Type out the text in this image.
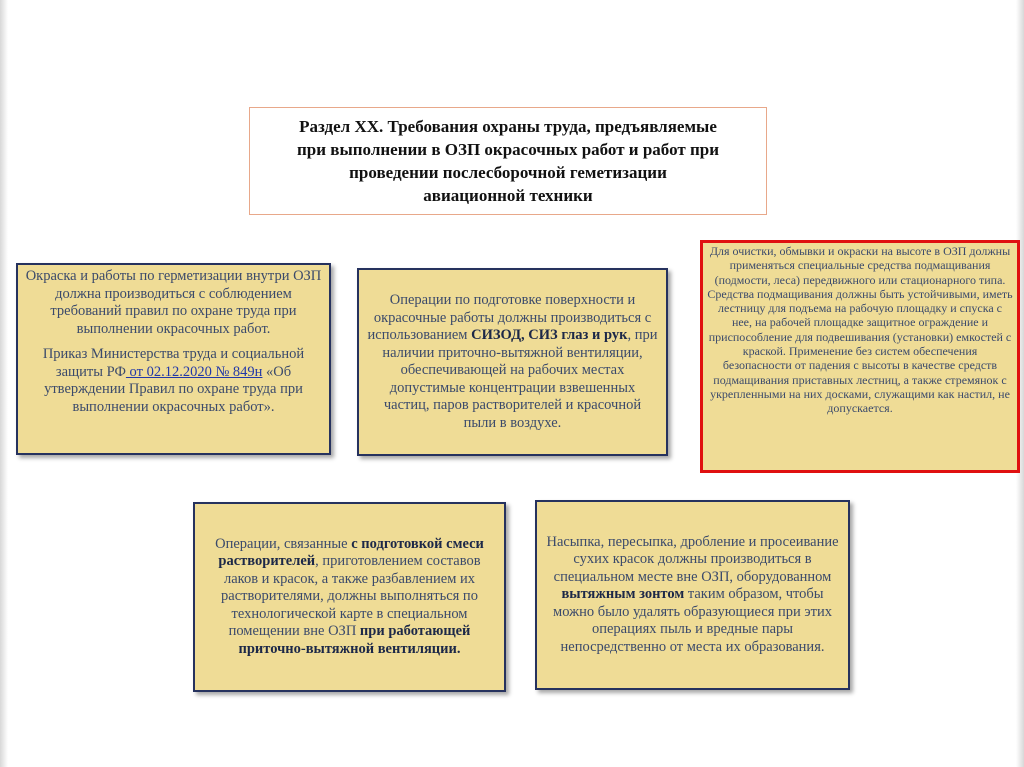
Раздел XX. Требования охраны труда, предъявляемые
при выполнении в ОЗП окрасочных работ и работ при
проведении послесборочной геметизации
авиационной техники

Окраска и работы по герметизации внутри ОЗП должна производиться с соблюдением требований правил по охране труда при выполнении окрасочных работ.

Приказ Министерства труда и социальной защиты РФ от 02.12.2020 № 849н «Об утверждении Правил по охране труда при выполнении окрасочных работ».

Операции по подготовке поверхности и окрасочные работы должны производиться с использованием СИЗОД, СИЗ глаз и рук, при наличии приточно-вытяжной вентиляции, обеспечивающей на рабочих местах допустимые концентрации взвешенных частиц, паров растворителей и красочной пыли в воздухе.

Для очистки, обмывки и окраски на высоте в ОЗП должны применяться специальные средства подмащивания (подмости, леса) передвижного или стационарного типа. Средства подмащивания должны быть устойчивыми, иметь лестницу для подъема на рабочую площадку и спуска с нее, на рабочей площадке защитное ограждение и приспособление для подвешивания (установки) емкостей с краской. Применение без систем обеспечения безопасности от падения с высоты в качестве средств подмащивания приставных лестниц, а также стремянок с укрепленными на них досками, служащими как настил, не допускается.

Операции, связанные с подготовкой смеси растворителей, приготовлением составов лаков и красок, а также разбавлением их растворителями, должны выполняться по технологической карте в специальном помещении вне ОЗП при работающей приточно-вытяжной вентиляции.

Насыпка, пересыпка, дробление и просеивание сухих красок должны производиться в специальном месте вне ОЗП, оборудованном вытяжным зонтом таким образом, чтобы можно было удалять образующиеся при этих операциях пыль и вредные пары непосредственно от места их образования.
